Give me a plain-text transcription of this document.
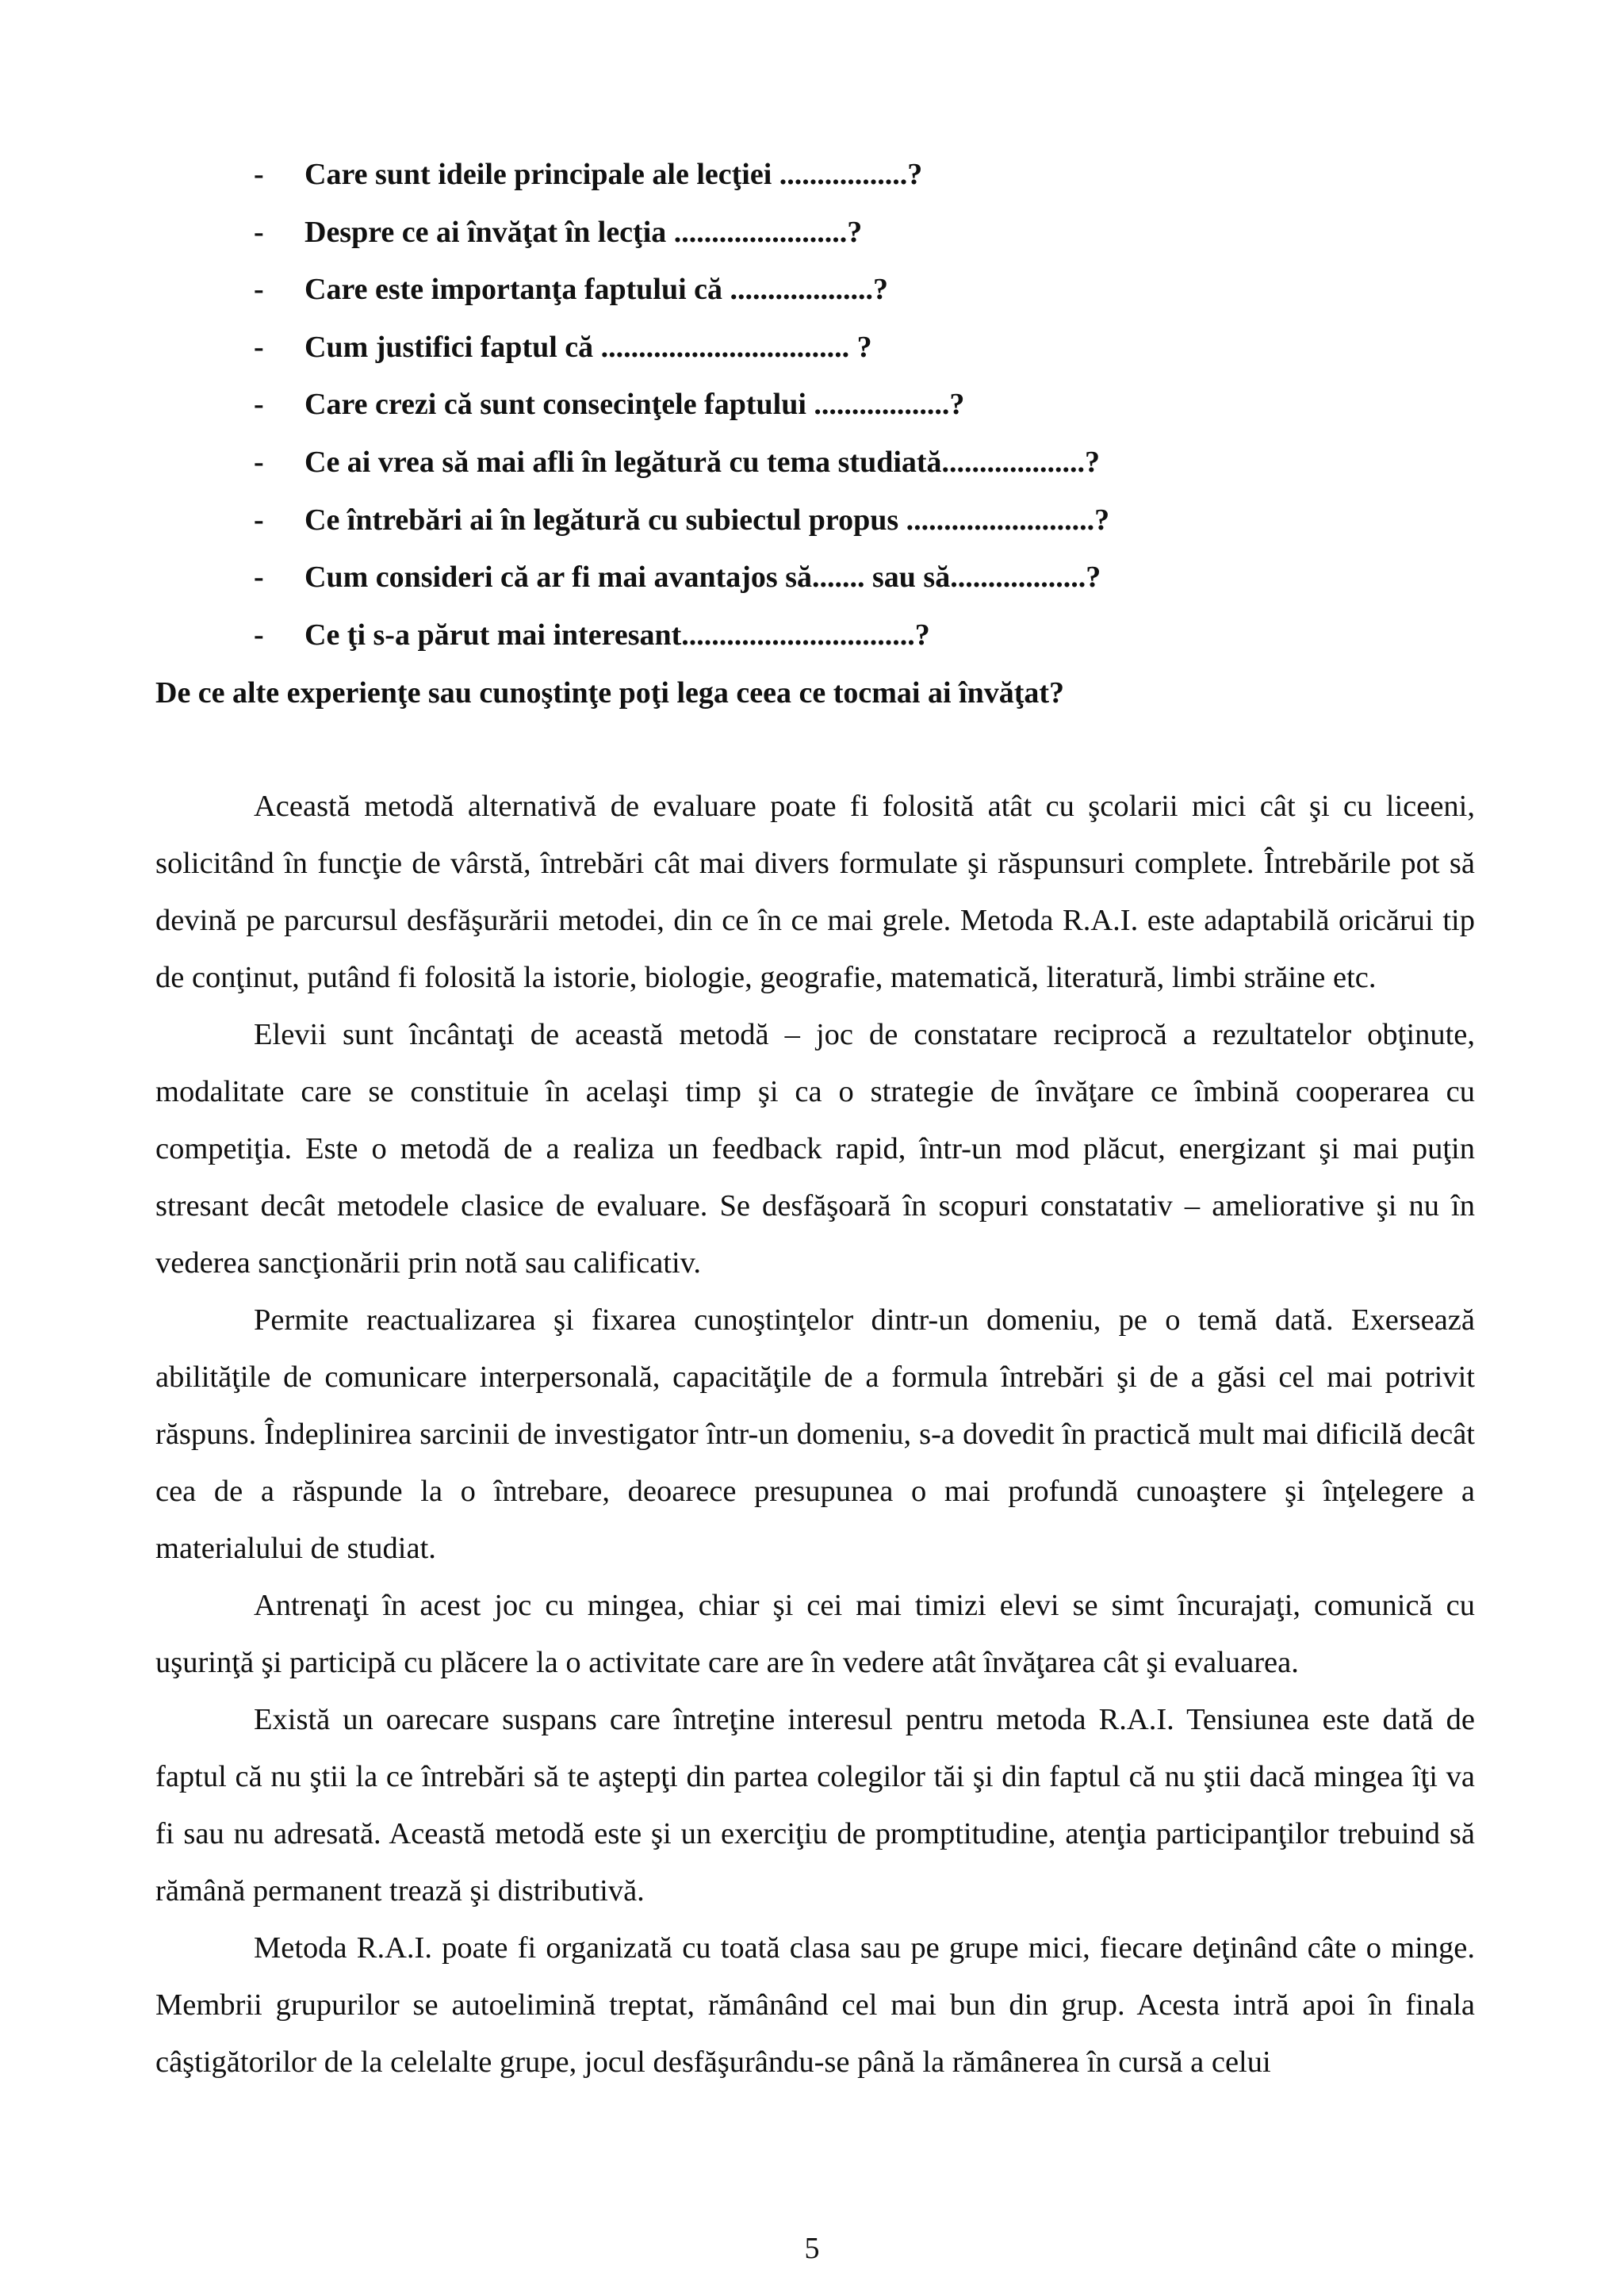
- Care sunt ideile principale ale lecţiei .................?
- Despre ce ai învăţat în lecţia .......................?
- Care este importanţa faptului că ...................?
- Cum justifici faptul că ................................. ?
- Care crezi că sunt consecinţele faptului ..................?
- Ce ai vrea să mai afli în legătură cu tema studiată...................?
- Ce întrebări ai în legătură cu subiectul propus .........................?
- Cum consideri că ar fi mai avantajos să....... sau să..................?
- Ce ţi s-a părut mai interesant...............................?
De ce alte experienţe sau cunoştinţe poţi lega ceea ce tocmai ai învăţat?

Această metodă alternativă de evaluare poate fi folosită atât cu şcolarii mici cât şi cu liceeni, solicitând în funcţie de vârstă, întrebări cât mai divers formulate şi răspunsuri complete. Întrebările pot să devină pe parcursul desfăşurării metodei, din ce în ce mai grele. Metoda R.A.I. este adaptabilă oricărui tip de conţinut, putând fi folosită la istorie, biologie, geografie, matematică, literatură, limbi străine etc.

Elevii sunt încântaţi de această metodă – joc de constatare reciprocă a rezultatelor obţinute, modalitate care se constituie în acelaşi timp şi ca o strategie de învăţare ce îmbină cooperarea cu competiţia. Este o metodă de a realiza un feedback rapid, într-un mod plăcut, energizant şi mai puţin stresant decât metodele clasice de evaluare. Se desfăşoară în scopuri constatativ – ameliorative şi nu în vederea sancţionării prin notă sau calificativ.

Permite reactualizarea şi fixarea cunoştinţelor dintr-un domeniu, pe o temă dată. Exersează abilităţile de comunicare interpersonală, capacităţile de a formula întrebări şi de a găsi cel mai potrivit răspuns. Îndeplinirea sarcinii de investigator într-un domeniu, s-a dovedit în practică mult mai dificilă decât cea de a răspunde la o întrebare, deoarece presupunea o mai profundă cunoaştere şi înţelegere a materialului de studiat.

Antrenaţi în acest joc cu mingea, chiar şi cei mai timizi elevi se simt încurajaţi, comunică cu uşurinţă şi participă cu plăcere la o activitate care are în vedere atât învăţarea cât şi evaluarea.

Există un oarecare suspans care întreţine interesul pentru metoda R.A.I. Tensiunea este dată de faptul că nu ştii la ce întrebări să te aştepţi din partea colegilor tăi şi din faptul că nu ştii dacă mingea îţi va fi sau nu adresată. Această metodă este şi un exerciţiu de promptitudine, atenţia participanţilor trebuind să rămână permanent trează şi distributivă.

Metoda R.A.I. poate fi organizată cu toată clasa sau pe grupe mici, fiecare deţinând câte o minge. Membrii grupurilor se autoelimină treptat, rămânând cel mai bun din grup. Acesta intră apoi în finala câştigătorilor de la celelalte grupe, jocul desfăşurându-se până la rămânerea în cursă a celui

5
